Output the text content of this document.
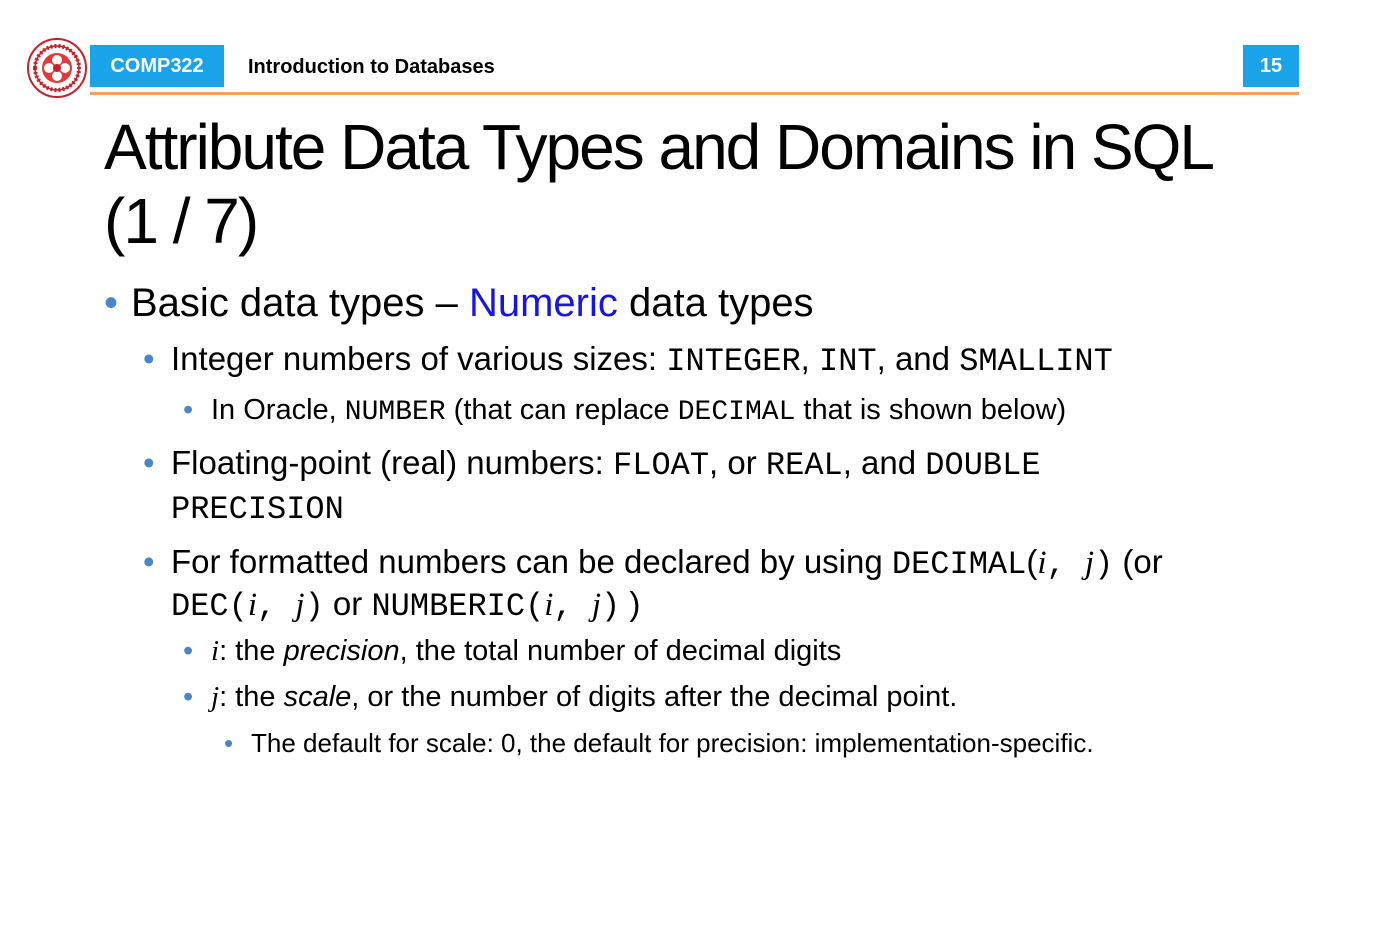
COMP322 Introduction to Databases	15
Attribute Data Types and Domains in SQL
(1 / 7)
• Basic data types – Numeric data types
• Integer numbers of various sizes: INTEGER, INT, and SMALLINT
• In Oracle, NUMBER (that can replace DECIMAL that is shown below)
• Floating-point (real) numbers: FLOAT, or REAL, and DOUBLE
PRECISION
• For formatted numbers can be declared by using DECIMAL(i, j) (or
DEC(i, j) or NUMBERIC(i, j) )
• i: the precision, the total number of decimal digits
• j: the scale, or the number of digits after the decimal point.
• The default for scale: 0, the default for precision: implementation-specific.
